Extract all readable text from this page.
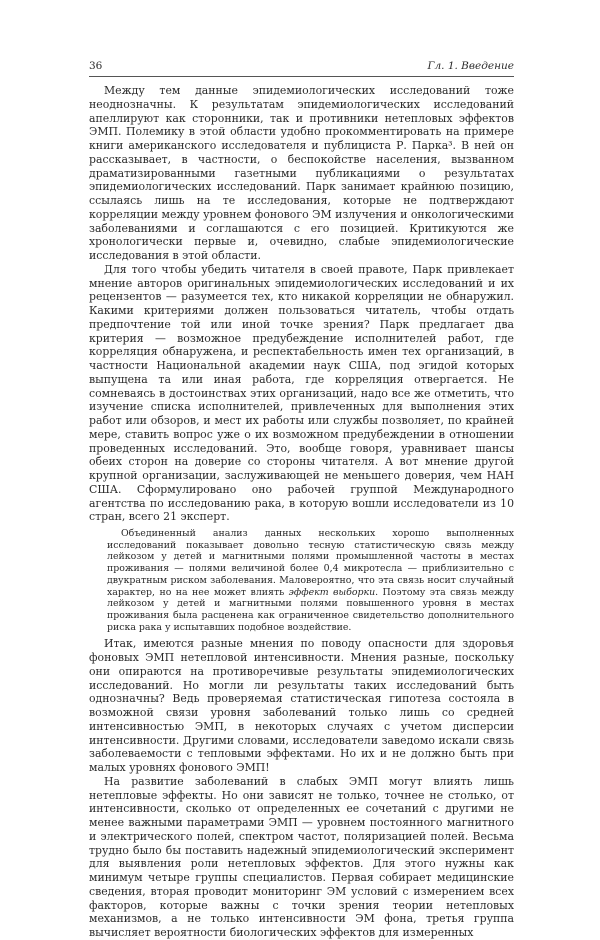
36	Гл. 1. Введение

Между тем данные эпидемиологических исследований тоже неоднозначны. К результатам эпидемиологических исследований апеллируют как сторонники, так и противники нетепловых эффектов ЭМП. Полемику в этой области удобно прокомментировать на примере книги американского исследователя и публициста Р. Парка³. В ней он рассказывает, в частности, о беспокойстве населения, вызванном драматизированными газетными публикациями о результатах эпидемиологических исследований. Парк занимает крайнюю позицию, ссылаясь лишь на те исследования, которые не подтверждают корреляции между уровнем фонового ЭМ излучения и онкологическими заболеваниями и соглашаются с его позицией. Критикуются же хронологически первые и, очевидно, слабые эпидемиологические исследования в этой области.

Для того чтобы убедить читателя в своей правоте, Парк привлекает мнение авторов оригинальных эпидемиологических исследований и их рецензентов — разумеется тех, кто никакой корреляции не обнаружил. Какими критериями должен пользоваться читатель, чтобы отдать предпочтение той или иной точке зрения? Парк предлагает два критерия — возможное предубеждение исполнителей работ, где корреляция обнаружена, и респектабельность имен тех организаций, в частности Национальной академии наук США, под эгидой которых выпущена та или иная работа, где корреляция отвергается. Не сомневаясь в достоинствах этих организаций, надо все же отметить, что изучение списка исполнителей, привлеченных для выполнения этих работ или обзоров, и мест их работы или службы позволяет, по крайней мере, ставить вопрос уже о их возможном предубеждении в отношении проведенных исследований. Это, вообще говоря, уравнивает шансы обеих сторон на доверие со стороны читателя. А вот мнение другой крупной организации, заслуживающей не меньшего доверия, чем НАН США. Сформулировано оно рабочей группой Международного агентства по исследованию рака, в которую вошли исследователи из 10 стран, всего 21 эксперт.

Объединенный анализ данных нескольких хорошо выполненных исследований показывает довольно тесную статистическую связь между лейкозом у детей и магнитными полями промышленной частоты в местах проживания — полями величиной более 0,4 микротесла — приблизительно с двукратным риском заболевания. Маловероятно, что эта связь носит случайный характер, но на нее может влиять эффект выборки. Поэтому эта связь между лейкозом у детей и магнитными полями повышенного уровня в местах проживания была расценена как ограниченное свидетельство дополнительного риска рака у испытавших подобное воздействие.

Итак, имеются разные мнения по поводу опасности для здоровья фоновых ЭМП нетепловой интенсивности. Мнения разные, поскольку они опираются на противоречивые результаты эпидемиологических исследований. Но могли ли результаты таких исследований быть однозначны? Ведь проверяемая статистическая гипотеза состояла в возможной связи уровня заболеваний только лишь со средней интенсивностью ЭМП, в некоторых случаях с учетом дисперсии интенсивности. Другими словами, исследователи заведомо искали связь заболеваемости с тепловыми эффектами. Но их и не должно быть при малых уровнях фонового ЭМП!

На развитие заболеваний в слабых ЭМП могут влиять лишь нетепловые эффекты. Но они зависят не только, точнее не столько, от интенсивности, сколько от определенных ее сочетаний с другими не менее важными параметрами ЭМП — уровнем постоянного магнитного и электрического полей, спектром частот, поляризацией полей. Весьма трудно было бы поставить надежный эпидемиологический эксперимент для выявления роли нетепловых эффектов. Для этого нужны как минимум четыре группы специалистов. Первая собирает медицинские сведения, вторая проводит мониторинг ЭМ условий с измерением всех факторов, которые важны с точки зрения теории нетепловых механизмов, а не только интенсивности ЭМ фона, третья группа вычисляет вероятности биологических эффектов для измеренных
